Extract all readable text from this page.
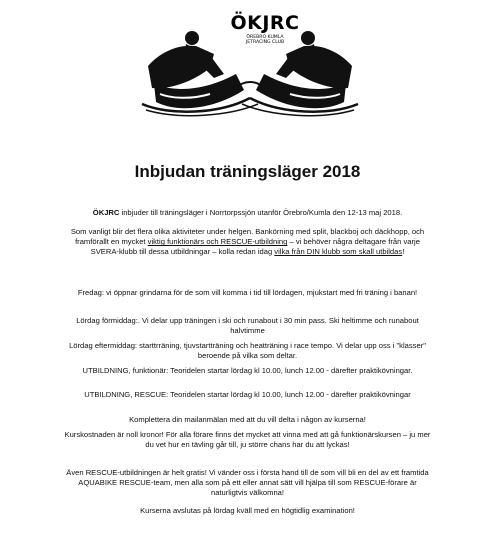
ÖKJRC
ÖREBRO KUMLA
JETRACING CLUB
Inbjudan träningsläger 2018

ÖKJRC inbjuder till träningsläger i Norrtorpssjön utanför Örebro/Kumla den 12-13 maj 2018.

Som vanligt blir det flera olika aktiviteter under helgen. Bankörning med split, blackboj och däckhopp, och framförallt en mycket viktig funktionärs och RESCUE-utbildning – vi behöver några deltagare från varje SVERA-klubb till dessa utbildningar – kolla redan idag vilka från DIN klubb som skall utbildas!

Fredag: vi öppnar grindarna för de som vill komma i tid till lördagen, mjukstart med fri träning i banan!

Lördag förmiddag:. Vi delar upp träningen i ski och runabout i 30 min pass. Ski heltimme och runabout halvtimme

Lördag eftermiddag: starttrräning, tjuvstartträning och heatträning i race tempo. Vi delar upp oss i "klasser" beroende på vilka som deltar.

UTBILDNING, funktionär: Teoridelen startar lördag kl 10.00, lunch 12.00 - därefter praktikövningar.

UTBILDNING, RESCUE: Teoridelen startar lördag kl 10.00, lunch 12.00 - därefter praktikövningar

Komplettera din mailanmälan med att du vill delta i någon av kurserna!

Kurskostnaden är noll kronor! För alla förare finns det mycket att vinna med att gå funktionärskursen – ju mer du vet hur en tävling går till, ju större chans har du att lyckas!

Även RESCUE-utbildningen är helt gratis! Vi vänder oss i första hand till de som vill bli en del av ett framtida AQUABIKE RESCUE-team, men alla som på ett eller annat sätt vill hjälpa till som RESCUE-förare är naturligtvis välkomna!

Kurserna avslutas på lördag kväll med en högtidlig examination!
